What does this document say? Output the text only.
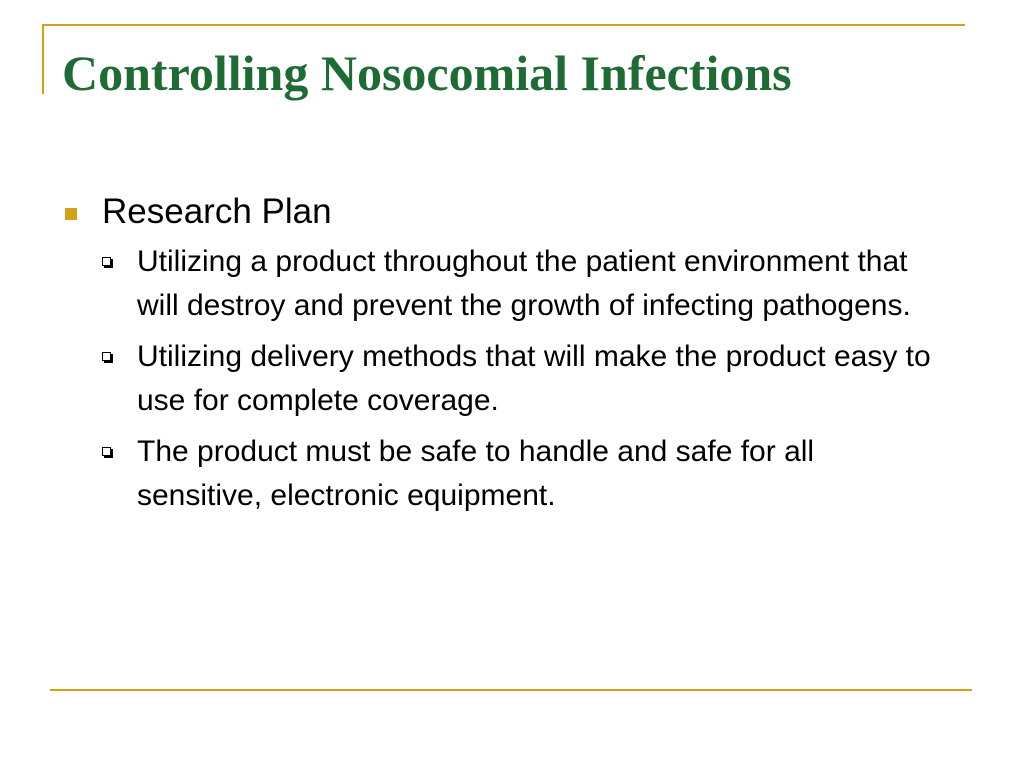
Controlling Nosocomial Infections
Research Plan
Utilizing a product throughout the patient environment that will destroy and prevent the growth of infecting pathogens.
Utilizing delivery methods that will make the product easy to use for complete coverage.
The product must be safe to handle and safe for all sensitive, electronic equipment.
